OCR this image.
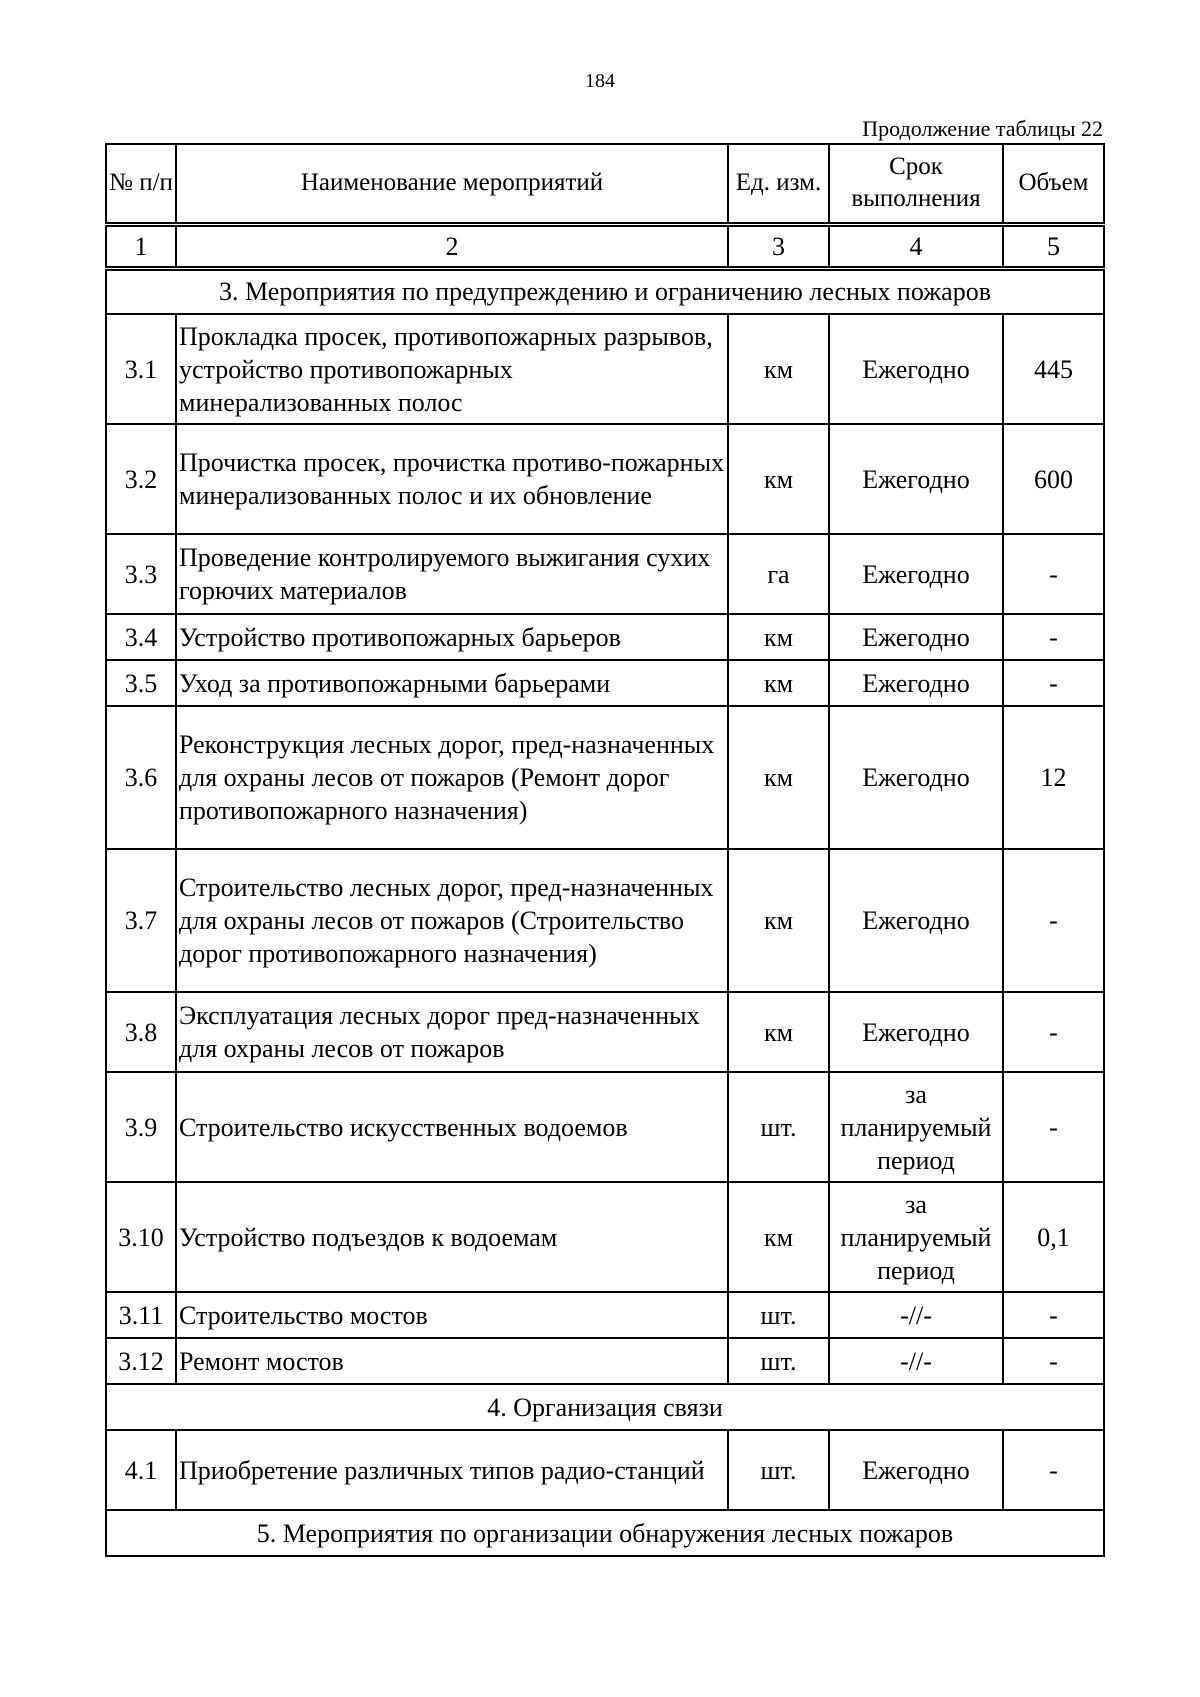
184
Продолжение таблицы 22
№ п/п	Наименование мероприятий	Ед. изм.	Срок выполнения	Объем
1	2	3	4	5
3. Мероприятия по предупреждению и ограничению лесных пожаров				
3.1	Прокладка просек, противопожарных разрывов, устройство противопожарных минерализованных полос	км	Ежегодно	445
3.2	Прочистка просек, прочистка противо-пожарных минерализованных полос и их обновление	км	Ежегодно	600
3.3	Проведение контролируемого выжигания сухих горючих материалов	га	Ежегодно	-
3.4	Устройство противопожарных барьеров	км	Ежегодно	-
3.5	Уход за противопожарными барьерами	км	Ежегодно	-
3.6	Реконструкция лесных дорог, пред-назначенных для охраны лесов от пожаров (Ремонт дорог противопожарного назначения)	км	Ежегодно	12
3.7	Строительство лесных дорог, пред-назначенных для охраны лесов от пожаров (Строительство дорог противопожарного назначения)	км	Ежегодно	-
3.8	Эксплуатация лесных дорог пред-назначенных для охраны лесов от пожаров	км	Ежегодно	-
3.9	Строительство искусственных водоемов	шт.	за планируемый период	-
3.10	Устройство подъездов к водоемам	км	за планируемый период	0,1
3.11	Строительство мостов	шт.	-//-	-
3.12	Ремонт мостов	шт.	-//-	-
4. Организация связи				
4.1	Приобретение различных типов радио-станций	шт.	Ежегодно	-
5. Мероприятия по организации обнаружения лесных пожаров				
